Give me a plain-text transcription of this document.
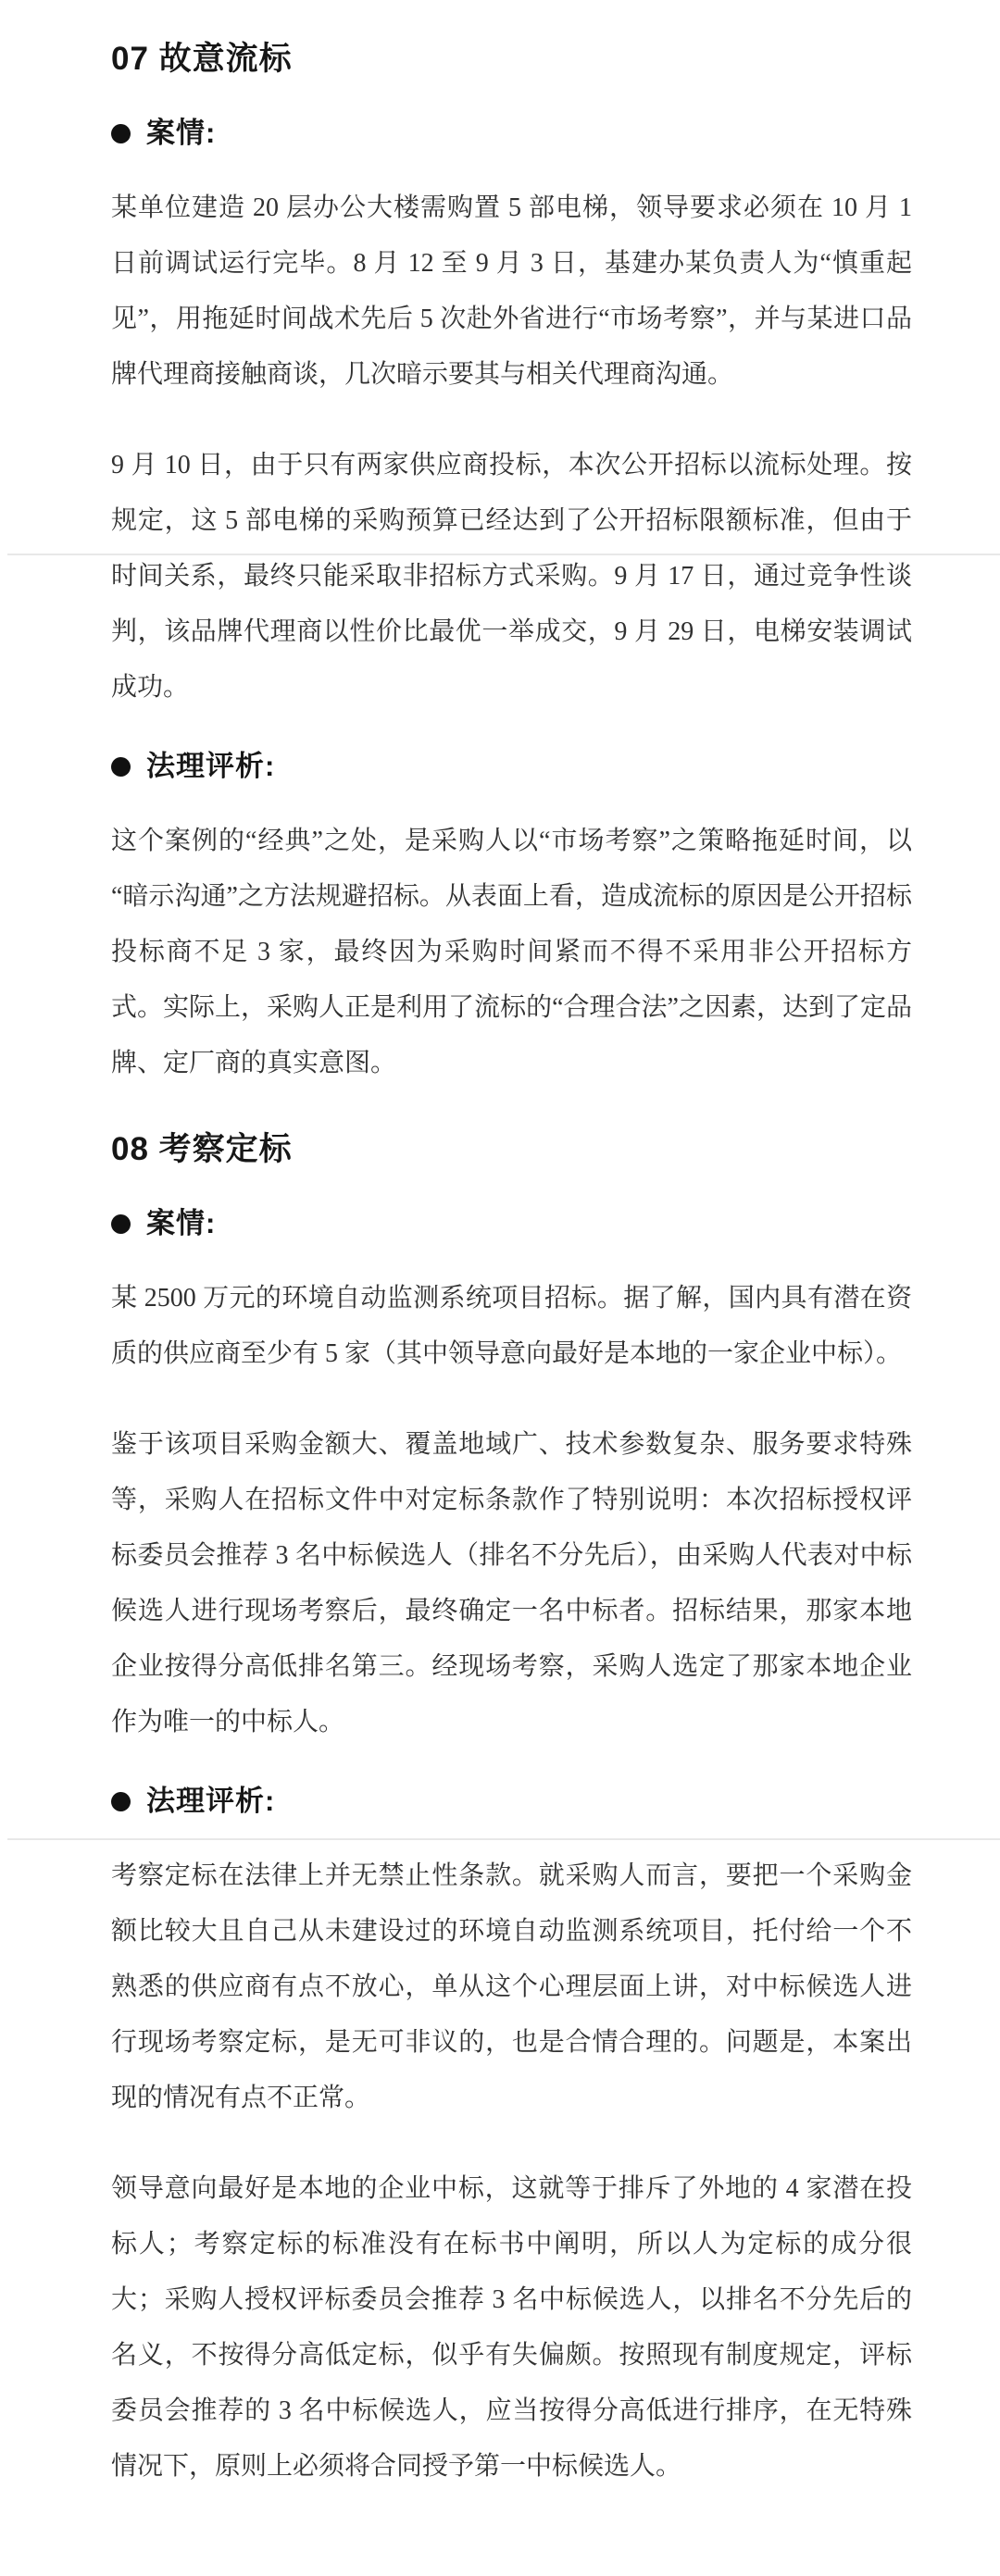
07 故意流标
案情:

某单位建造 20 层办公大楼需购置 5 部电梯，领导要求必须在 10 月 1 日前调试运行完毕。8 月 12 至 9 月 3 日，基建办某负责人为“慎重起见”，用拖延时间战术先后 5 次赴外省进行“市场考察”，并与某进口品牌代理商接触商谈，几次暗示要其与相关代理商沟通。

9 月 10 日，由于只有两家供应商投标，本次公开招标以流标处理。按规定，这 5 部电梯的采购预算已经达到了公开招标限额标准，但由于时间关系，最终只能采取非招标方式采购。9 月 17 日，通过竞争性谈判，该品牌代理商以性价比最优一举成交，9 月 29 日，电梯安装调试成功。

法理评析:

这个案例的“经典”之处，是采购人以“市场考察”之策略拖延时间，以“暗示沟通”之方法规避招标。从表面上看，造成流标的原因是公开招标投标商不足 3 家，最终因为采购时间紧而不得不采用非公开招标方式。实际上，采购人正是利用了流标的“合理合法”之因素，达到了定品牌、定厂商的真实意图。

08 考察定标
案情:

某 2500 万元的环境自动监测系统项目招标。据了解，国内具有潜在资质的供应商至少有 5 家（其中领导意向最好是本地的一家企业中标）。

鉴于该项目采购金额大、覆盖地域广、技术参数复杂、服务要求特殊等，采购人在招标文件中对定标条款作了特别说明：本次招标授权评标委员会推荐 3 名中标候选人（排名不分先后），由采购人代表对中标候选人进行现场考察后，最终确定一名中标者。招标结果，那家本地企业按得分高低排名第三。经现场考察，采购人选定了那家本地企业作为唯一的中标人。

法理评析:

考察定标在法律上并无禁止性条款。就采购人而言，要把一个采购金额比较大且自己从未建设过的环境自动监测系统项目，托付给一个不熟悉的供应商有点不放心，单从这个心理层面上讲，对中标候选人进行现场考察定标，是无可非议的，也是合情合理的。问题是，本案出现的情况有点不正常。

领导意向最好是本地的企业中标，这就等于排斥了外地的 4 家潜在投标人；考察定标的标准没有在标书中阐明，所以人为定标的成分很大；采购人授权评标委员会推荐 3 名中标候选人，以排名不分先后的名义，不按得分高低定标，似乎有失偏颇。按照现有制度规定，评标委员会推荐的 3 名中标候选人，应当按得分高低进行排序，在无特殊情况下，原则上必须将合同授予第一中标候选人。
